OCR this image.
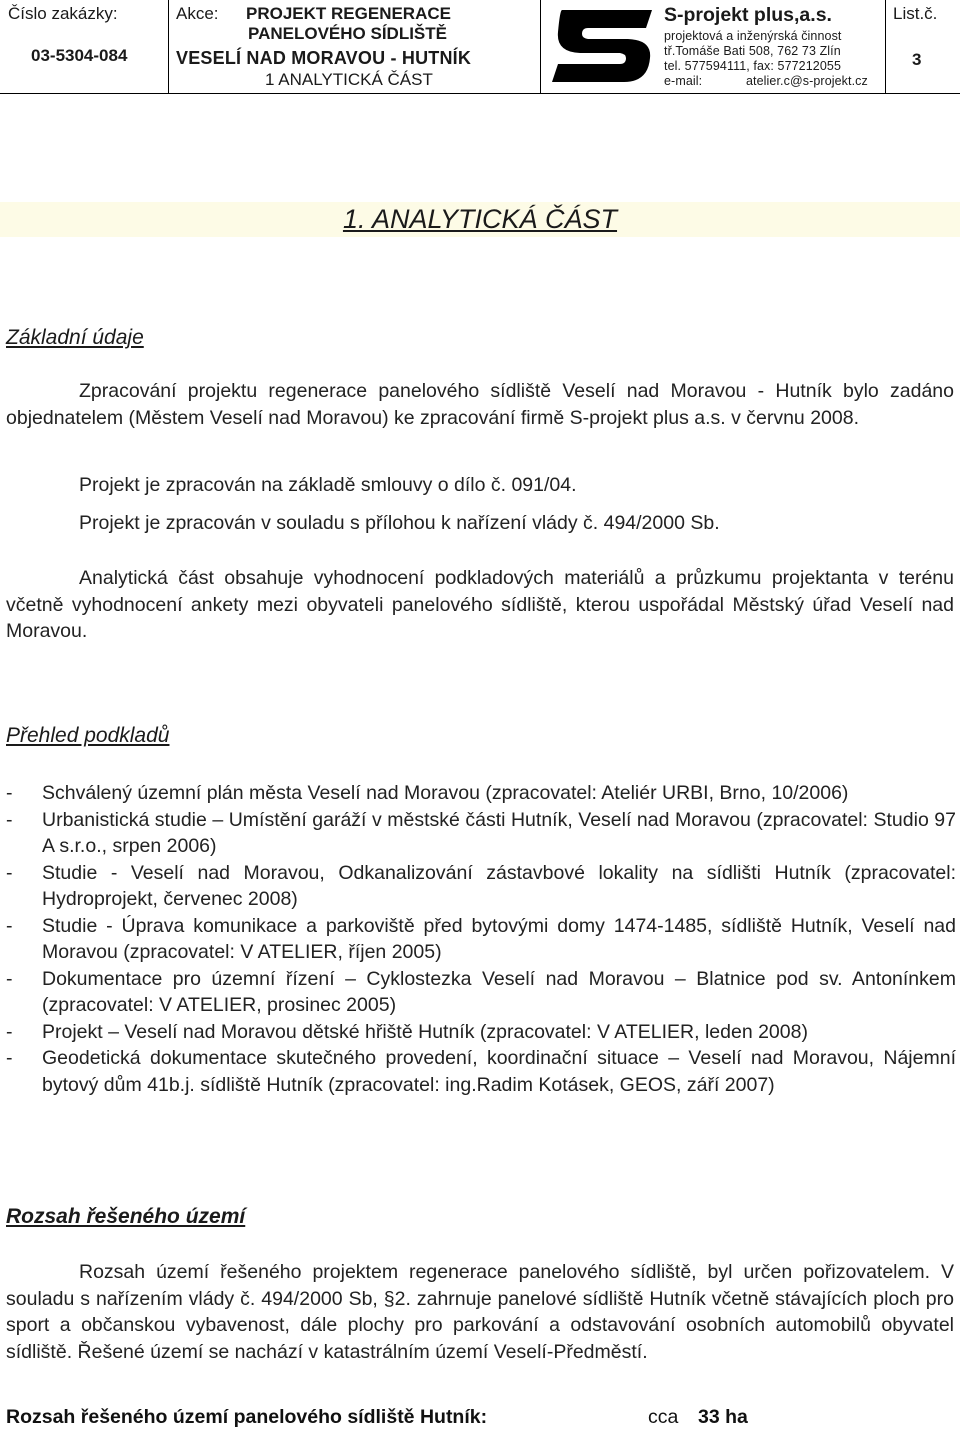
Číslo zakázky:
03-5304-084
Akce: PROJEKT REGENERACE
PANELOVÉHO SÍDLIŠTĚ
VESELÍ NAD MORAVOU - HUTNÍK
1 ANALYTICKÁ ČÁST
S-projekt plus,a.s.
projektová a inženýrská činnost
tř.Tomáše Bati 508, 762 73 Zlín
tel. 577594111, fax: 577212055
e-mail:	atelier.c@s-projekt.cz
List.č.
3
1. ANALYTICKÁ ČÁST
Základní údaje

Zpracování projektu regenerace panelového sídliště Veselí nad Moravou - Hutník bylo zadáno objednatelem (Městem Veselí nad Moravou) ke zpracování firmě S-projekt plus a.s. v červnu 2008.

Projekt je zpracován na základě smlouvy o dílo č. 091/04.
Projekt je zpracován v souladu s přílohou k nařízení vlády č. 494/2000 Sb.

Analytická část obsahuje vyhodnocení podkladových materiálů a průzkumu projektanta v terénu včetně vyhodnocení ankety mezi obyvateli panelového sídliště, kterou uspořádal Městský úřad Veselí nad Moravou.

Přehled podkladů
- Schválený územní plán města Veselí nad Moravou (zpracovatel: Ateliér URBI, Brno, 10/2006)
- Urbanistická studie – Umístění garáží v městské části Hutník, Veselí nad Moravou (zpracovatel: Studio 97 A s.r.o., srpen 2006)
- Studie - Veselí nad Moravou, Odkanalizování zástavbové lokality na sídlišti Hutník (zpracovatel: Hydroprojekt, červenec 2008)
- Studie - Úprava komunikace a parkoviště před bytovými domy 1474-1485, sídliště Hutník, Veselí nad Moravou (zpracovatel: V ATELIER, říjen 2005)
- Dokumentace pro územní řízení – Cyklostezka Veselí nad Moravou – Blatnice pod sv. Antonínkem (zpracovatel: V ATELIER, prosinec 2005)
- Projekt – Veselí nad Moravou dětské hřiště Hutník (zpracovatel: V ATELIER, leden 2008)
- Geodetická dokumentace skutečného provedení, koordinační situace – Veselí nad Moravou, Nájemní bytový dům 41b.j. sídliště Hutník (zpracovatel: ing.Radim Kotásek, GEOS, září 2007)
Rozsah řešeného území

Rozsah území řešeného projektem regenerace panelového sídliště, byl určen pořizovatelem. V souladu s nařízením vlády č. 494/2000 Sb, §2. zahrnuje panelové sídliště Hutník včetně stávajících ploch pro sport a občanskou vybavenost, dále plochy pro parkování a odstavování osobních automobilů obyvatel sídliště. Řešené území se nachází v katastrálním území Veselí-Předměstí.

Rozsah řešeného území panelového sídliště Hutník:	cca 33 ha
